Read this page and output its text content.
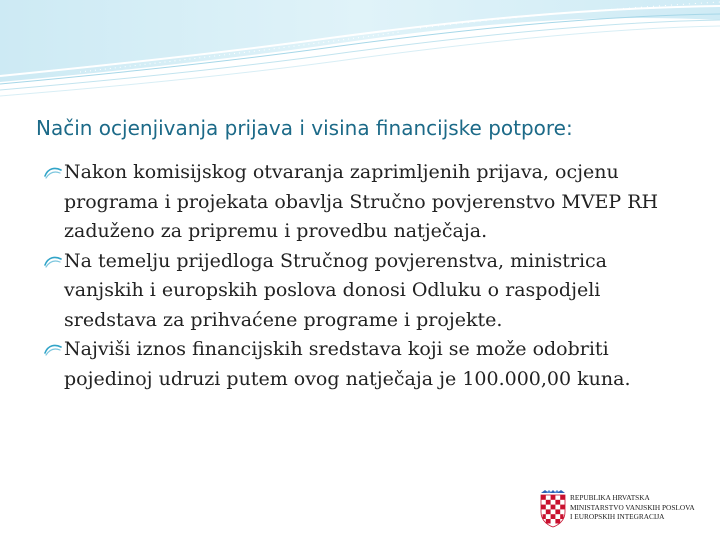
Način ocjenjivanja prijava i visina financijske potpore:
Nakon komisijskog otvaranja zaprimljenih prijava, ocjenu programa i projekata obavlja Stručno povjerenstvo MVEP RH zaduženo za pripremu i provedbu natječaja.
Na temelju prijedloga Stručnog povjerenstva, ministrica vanjskih i europskih poslova donosi Odluku o raspodjeli sredstava za prihvaćene programe i projekte.
Najviši iznos financijskih sredstava koji se može odobriti pojedinoj udruzi putem ovog natječaja je 100.000,00 kuna.
REPUBLIKA HRVATSKA
MINISTARSTVO VANJSKIH POSLOVA
I EUROPSKIH INTEGRACIJA
